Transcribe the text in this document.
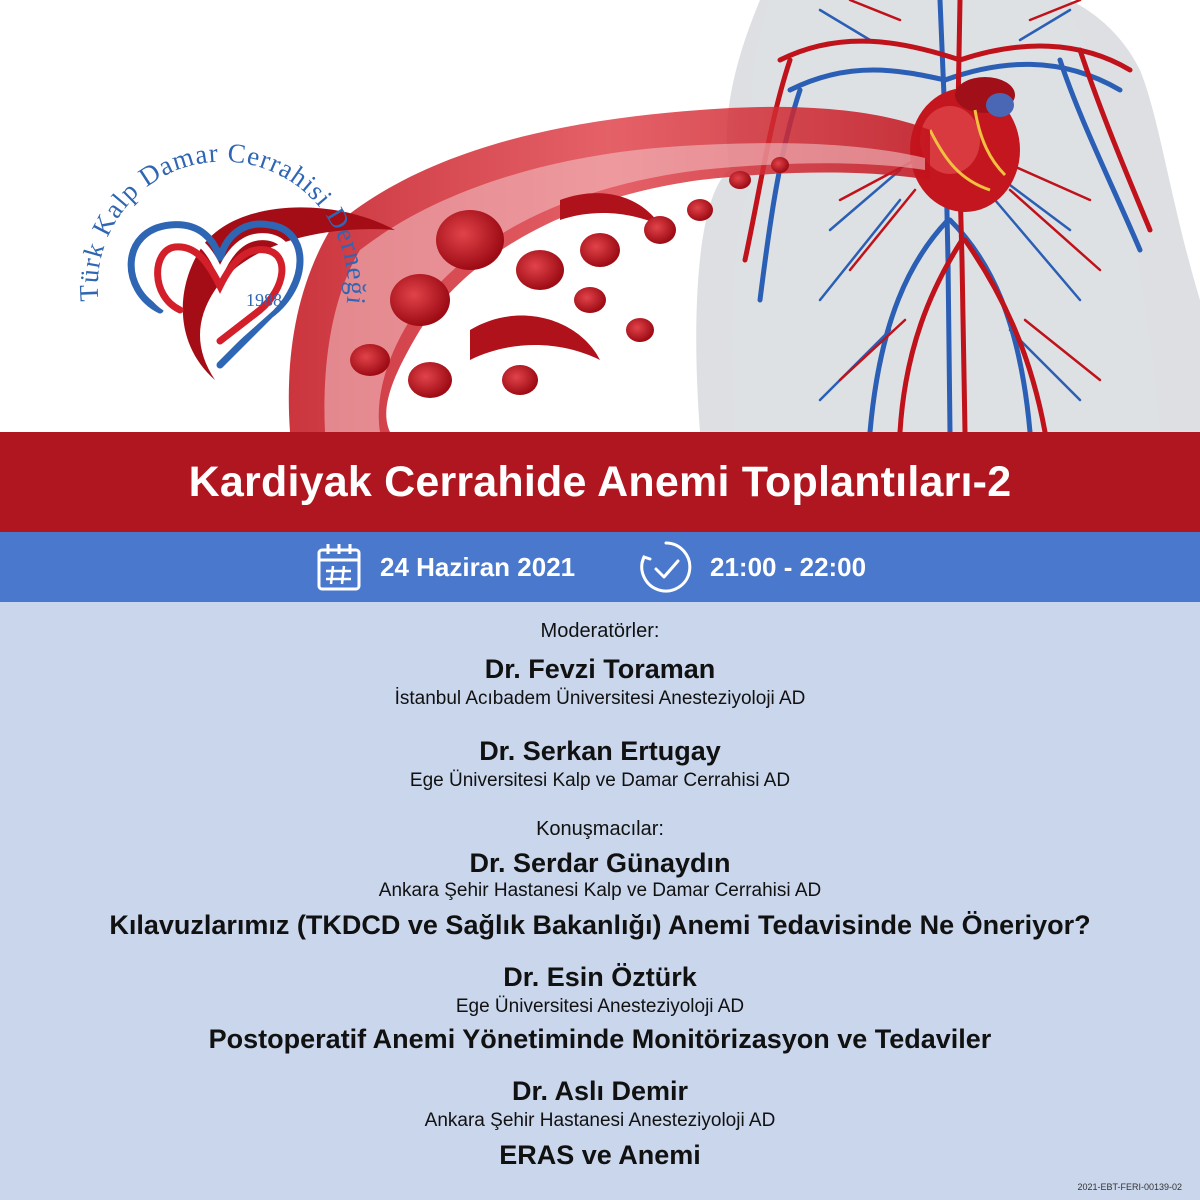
Türk Kalp Damar Cerrahisi Derneği
1988
Kardiyak Cerrahide Anemi Toplantıları-2
24 Haziran 2021	21:00 - 22:00
Moderatörler:
Dr. Fevzi Toraman
İstanbul Acıbadem Üniversitesi Anesteziyoloji AD
Dr. Serkan Ertugay
Ege Üniversitesi Kalp ve Damar Cerrahisi AD
Konuşmacılar:
Dr. Serdar Günaydın
Ankara Şehir Hastanesi Kalp ve Damar Cerrahisi AD
Kılavuzlarımız (TKDCD ve Sağlık Bakanlığı) Anemi Tedavisinde Ne Öneriyor?
Dr. Esin Öztürk
Ege Üniversitesi Anesteziyoloji AD
Postoperatif Anemi Yönetiminde Monitörizasyon ve Tedaviler
Dr. Aslı Demir
Ankara Şehir Hastanesi Anesteziyoloji AD
ERAS ve Anemi
2021-EBT-FERI-00139-02
